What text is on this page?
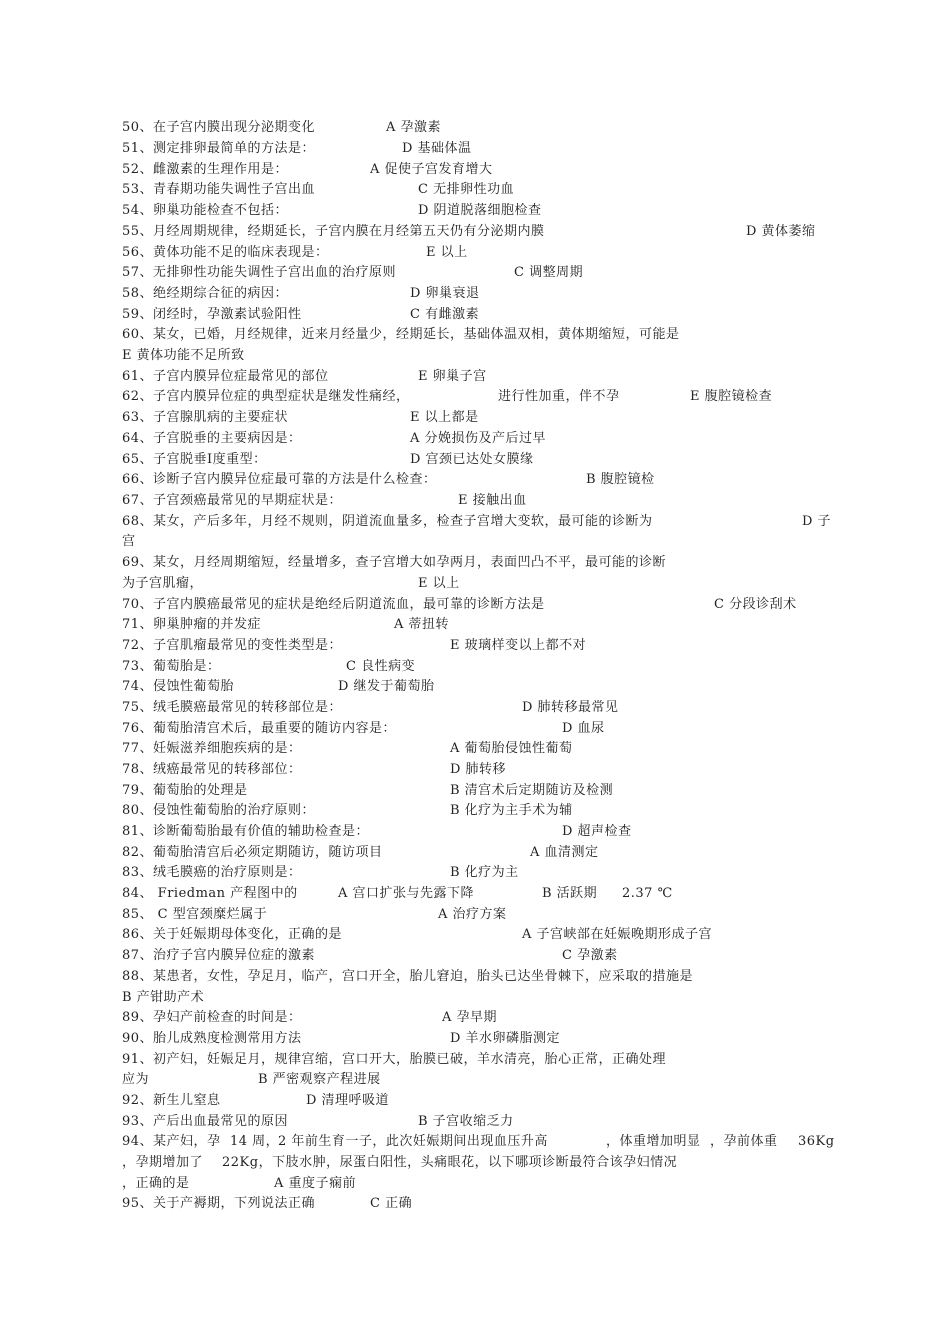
50、在子宫内膜出现分泌期变化	A 孕激素
51、测定排卵最简单的方法是：	D 基础体温
52、雌激素的生理作用是：	A 促使子宫发育增大
53、青春期功能失调性子宫出血	C 无排卵性功血
54、卵巢功能检查不包括：	D 阴道脱落细胞检查
55、月经周期规律，经期延长，子宫内膜在月经第五天仍有分泌期内膜	D 黄体萎缩
56、黄体功能不足的临床表现是：	E 以上
57、无排卵性功能失调性子宫出血的治疗原则	C 调整周期
58、绝经期综合征的病因：	D 卵巢衰退
59、闭经时，孕激素试验阳性	C 有雌激素
60、某女，已婚，月经规律，近来月经量少，经期延长，基础体温双相，黄体期缩短，可能是
E 黄体功能不足所致
61、子宫内膜异位症最常见的部位	E 卵巢子宫
62、子宫内膜异位症的典型症状是继发性痛经，	进行性加重，伴不孕	E 腹腔镜检查
63、子宫腺肌病的主要症状	E 以上都是
64、子宫脱垂的主要病因是：	A 分娩损伤及产后过早
65、子宫脱垂Ⅰ度重型：	D 宫颈已达处女膜缘
66、诊断子宫内膜异位症最可靠的方法是什么检查：	B 腹腔镜检
67、子宫颈癌最常见的早期症状是：	E 接触出血
68、某女，产后多年，月经不规则，阴道流血量多，检查子宫增大变软，最可能的诊断为	D 子
宫
69、某女，月经周期缩短，经量增多，查子宫增大如孕两月，表面凹凸不平，最可能的诊断
为子宫肌瘤，	E 以上
70、子宫内膜癌最常见的症状是绝经后阴道流血，最可靠的诊断方法是	C 分段诊刮术
71、卵巢肿瘤的并发症	A 蒂扭转
72、子宫肌瘤最常见的变性类型是：	E 玻璃样变以上都不对
73、葡萄胎是：	C 良性病变
74、侵蚀性葡萄胎	D 继发于葡萄胎
75、绒毛膜癌最常见的转移部位是：	D 肺转移最常见
76、葡萄胎清宫术后，最重要的随访内容是：	D 血尿
77、妊娠滋养细胞疾病的是：	A 葡萄胎侵蚀性葡萄
78、绒癌最常见的转移部位：	D 肺转移
79、葡萄胎的处理是	B 清宫术后定期随访及检测
80、侵蚀性葡萄胎的治疗原则：	B 化疗为主手术为辅
81、诊断葡萄胎最有价值的辅助检查是：	D 超声检查
82、葡萄胎清宫后必须定期随访，随访项目	A 血清测定
83、绒毛膜癌的治疗原则是：	B 化疗为主
84、 Friedman 产程图中的	A 宫口扩张与先露下降	B 活跃期 2.37 ℃
85、 C 型宫颈糜烂属于	A 治疗方案
86、关于妊娠期母体变化，正确的是	A 子宫峡部在妊娠晚期形成子宫
87、治疗子宫内膜异位症的激素	C 孕激素
88、某患者，女性，孕足月，临产，宫口开全，胎儿窘迫，胎头已达坐骨棘下，应采取的措施是
B 产钳助产术
89、孕妇产前检查的时间是：	A 孕早期
90、胎儿成熟度检测常用方法	D 羊水卵磷脂测定
91、初产妇，妊娠足月，规律宫缩，宫口开大，胎膜已破，羊水清亮，胎心正常，正确处理
应为	B 严密观察产程进展
92、新生儿窒息	D 清理呼吸道
93、产后出血最常见的原因	B 子宫收缩乏力
94、某产妇，孕 14 周，
2 年前生育一子，此次妊娠期间出现血压升高	，体重增加明显 ，孕前体重 36Kg
，孕期增加了 22Kg，下肢水肿，尿蛋白阳性，头痛眼花，以下哪项诊断最符合该孕妇情况
，正确的是	A 重度子痫前
95、关于产褥期，下列说法正确	C 正确
